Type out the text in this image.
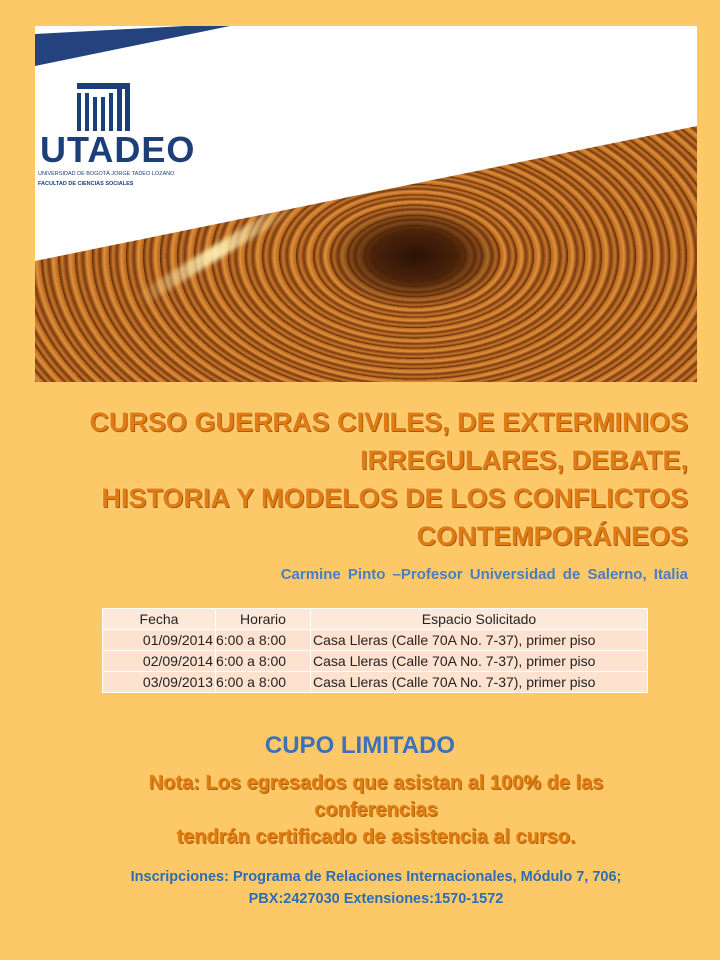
UTADEO
UNIVERSIDAD DE BOGOTÁ JORGE TADEO LOZANO
FACULTAD DE CIENCIAS SOCIALES
CURSO GUERRAS CIVILES, DE EXTERMINIOS
IRREGULARES, DEBATE,
HISTORIA Y MODELOS DE LOS CONFLICTOS
CONTEMPORÁNEOS
Carmine Pinto –Profesor Universidad de Salerno, Italia
Fecha	Horario	Espacio Solicitado
01/09/2014	6:00 a 8:00	Casa Lleras (Calle 70A No. 7-37), primer piso
02/09/2014	6:00 a 8:00	Casa Lleras (Calle 70A No. 7-37), primer piso
03/09/2013	6:00 a 8:00	Casa Lleras (Calle 70A No. 7-37), primer piso
CUPO LIMITADO
Nota: Los egresados que asistan al 100% de las
conferencias
tendrán certificado de asistencia al curso.
Inscripciones: Programa de Relaciones Internacionales, Módulo 7, 706;
PBX:2427030 Extensiones:1570-1572
